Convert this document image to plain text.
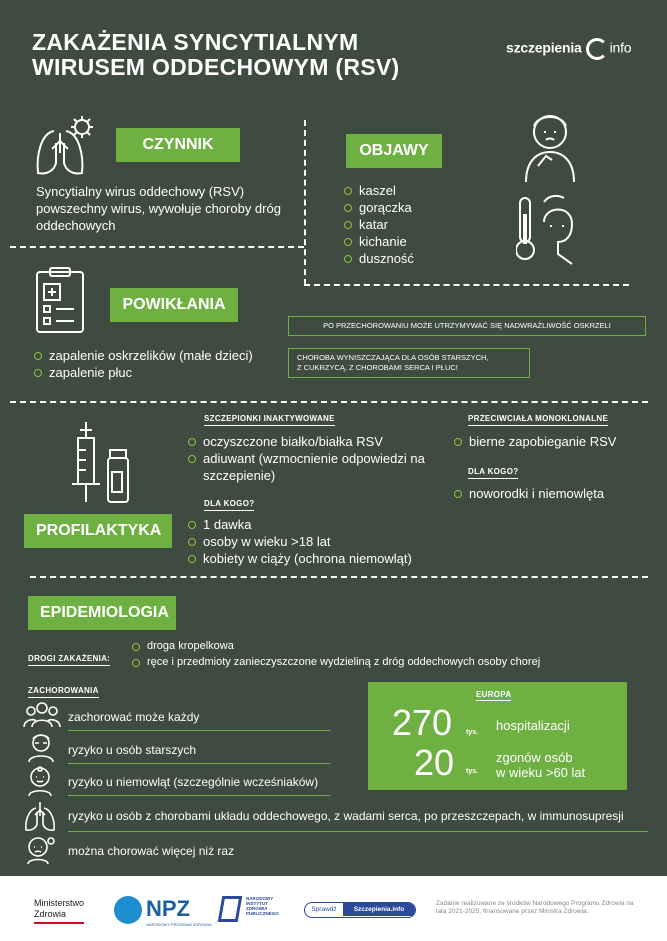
ZAKAŻENIA SYNCYTIALNYM
WIRUSEM ODDECHOWYM (RSV)
szczepienia info
CZYNNIK
Syncytialny wirus oddechowy (RSV) powszechny wirus, wywołuje choroby dróg oddechowych
OBJAWY
kaszel
gorączka
katar
kichanie
duszność
POWIKŁANIA
zapalenie oskrzelików (małe dzieci)
zapalenie płuc
PO PRZECHOROWANIU MOŻE UTRZYMYWAĆ SIĘ NADWRAŻLIWOŚĆ OSKRZELI
CHOROBA WYNISZCZAJĄCA DLA OSÓB STARSZYCH,
Z CUKRZYCĄ, Z CHOROBAMI SERCA I PŁUC!
PROFILAKTYKA
SZCZEPIONKI INAKTYWOWANE
oczyszczone białko/białka RSV
adiuwant (wzmocnienie odpowiedzi na szczepienie)
DLA KOGO?
1 dawka
osoby w wieku >18 lat
kobiety w ciąży (ochrona niemowląt)
PRZECIWCIAŁA MONOKLONALNE
bierne zapobieganie RSV
DLA KOGO?
noworodki i niemowlęta
EPIDEMIOLOGIA
DROGI ZAKAŻENIA:
droga kropelkowa
ręce i przedmioty zanieczyszczone wydzieliną z dróg oddechowych osoby chorej
ZACHOROWANIA
zachorować może każdy
ryzyko u osób starszych
ryzyko u niemowląt (szczególnie wcześniaków)
ryzyko u osób z chorobami układu oddechowego, z wadami serca, po przeszczepach, w immunosupresji
można chorować więcej niż raz
EUROPA
270 tys. hospitalizacji
20 tys.
zgonów osób
w wieku >60 lat
Ministerstwo
Zdrowia	NPZ
NARODOWY PROGRAM ZDROWIA
NARODOWY
INSTYTUT
ZDROWIA
PUBLICZNEGO
Sprawdź	Szczepienia.info
Zadanie realizowane ze środków Narodowego Programu Zdrowia na lata 2021-2025, finansowane przez Ministra Zdrowia.
